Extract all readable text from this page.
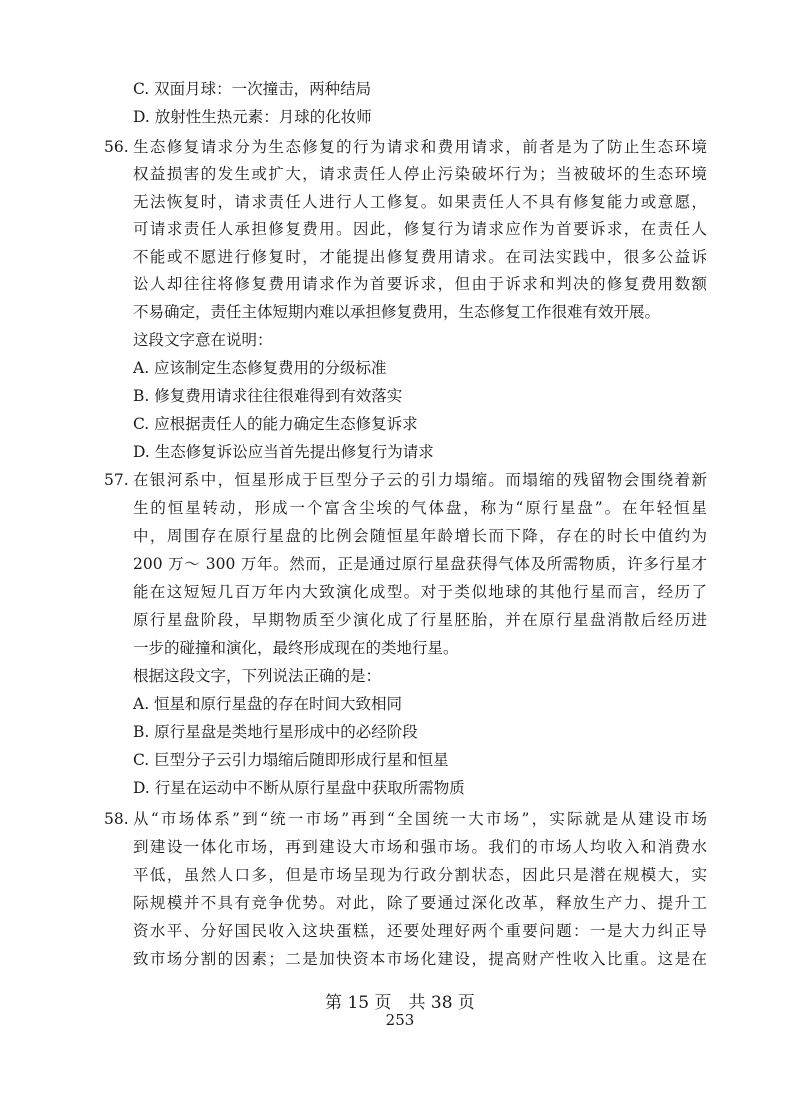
C. 双面月球：一次撞击，两种结局
D. 放射性生热元素：月球的化妆师
56. 生态修复请求分为生态修复的行为请求和费用请求，前者是为了防止生态环境
权益损害的发生或扩大，请求责任人停止污染破坏行为；当被破坏的生态环境
无法恢复时，请求责任人进行人工修复。如果责任人不具有修复能力或意愿，
可请求责任人承担修复费用。因此，修复行为请求应作为首要诉求，在责任人
不能或不愿进行修复时，才能提出修复费用请求。在司法实践中，很多公益诉
讼人却往往将修复费用请求作为首要诉求，但由于诉求和判决的修复费用数额
不易确定，责任主体短期内难以承担修复费用，生态修复工作很难有效开展。
这段文字意在说明：
A. 应该制定生态修复费用的分级标准
B. 修复费用请求往往很难得到有效落实
C. 应根据责任人的能力确定生态修复诉求
D. 生态修复诉讼应当首先提出修复行为请求
57. 在银河系中，恒星形成于巨型分子云的引力塌缩。而塌缩的残留物会围绕着新
生的恒星转动，形成一个富含尘埃的气体盘，称为“原行星盘”。在年轻恒星
中，周围存在原行星盘的比例会随恒星年龄增长而下降，存在的时长中值约为
200 万～ 300 万年。然而，正是通过原行星盘获得气体及所需物质，许多行星才
能在这短短几百万年内大致演化成型。对于类似地球的其他行星而言，经历了
原行星盘阶段，早期物质至少演化成了行星胚胎，并在原行星盘消散后经历进
一步的碰撞和演化，最终形成现在的类地行星。
根据这段文字，下列说法正确的是：
A. 恒星和原行星盘的存在时间大致相同
B. 原行星盘是类地行星形成中的必经阶段
C. 巨型分子云引力塌缩后随即形成行星和恒星
D. 行星在运动中不断从原行星盘中获取所需物质
58. 从“市场体系”到“统一市场”再到“全国统一大市场”，实际就是从建设市场
到建设一体化市场，再到建设大市场和强市场。我们的市场人均收入和消费水
平低，虽然人口多，但是市场呈现为行政分割状态，因此只是潜在规模大，实
际规模并不具有竞争优势。对此，除了要通过深化改革，释放生产力、提升工
资水平、分好国民收入这块蛋糕，还要处理好两个重要问题：一是大力纠正导
致市场分割的因素；二是加快资本市场化建设，提高财产性收入比重。这是在
第 15 页　共 38 页
253
